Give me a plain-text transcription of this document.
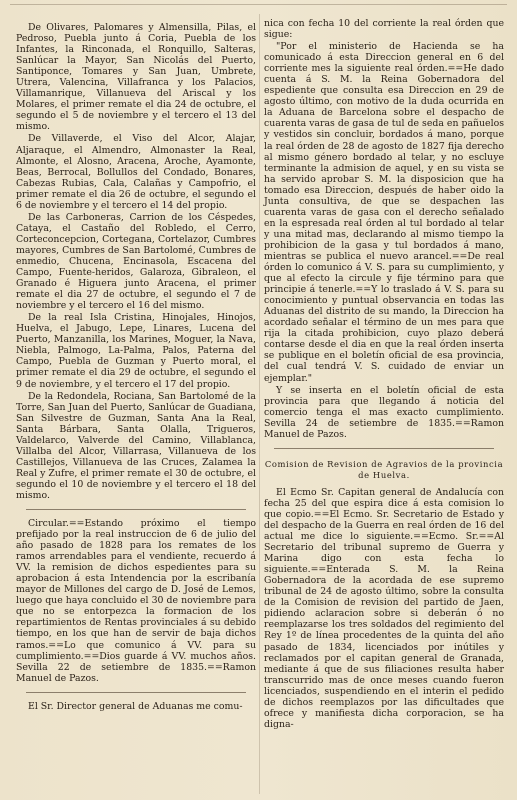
De Olivares, Palomares y Almensilla, Pilas, el Pedroso, Puebla junto á Coria, Puebla de los Infantes, la Rinconada, el Ronquillo, Salteras, Sanlúcar la Mayor, San Nicolás del Puerto, Santiponce, Tomares y San Juan, Umbrete, Utrera, Valencina, Villafranca y los Palacios, Villamanrique, Villanueva del Ariscal y los Molares, el primer remate el dia 24 de octubre, el segundo el 5 de noviembre y el tercero el 13 del mismo.

De Villaverde, el Viso del Alcor, Alajar, Aljaraque, el Almendro, Almonaster la Real, Almonte, el Alosno, Aracena, Aroche, Ayamonte, Beas, Berrocal, Bollullos del Condado, Bonares, Cabezas Rubias, Cala, Calañas y Campofrio, el primer remate el dia 26 de octubre, el segundo el 6 de noviembre y el tercero el 14 del propio.

De las Carboneras, Carrion de los Céspedes, Cataya, el Castaño del Robledo, el Cerro, Corteconcepcion, Cortegana, Cortelazor, Cumbres mayores, Cumbres de San Bartolomé, Cumbres de enmedio, Chucena, Encinasola, Escacena del Campo, Fuente-heridos, Galaroza, Gibraleon, el Granado é Higuera junto Aracena, el primer remate el dia 27 de octubre, el segundo el 7 de noviembre y el tercero el 16 del mismo.

De la real Isla Cristina, Hinojales, Hinojos, Huelva, el Jabugo, Lepe, Linares, Lucena del Puerto, Manzanilla, los Marines, Moguer, la Nava, Niebla, Palmogo, La-Palma, Palos, Paterna del Campo, Puebla de Guzman y Puerto moral, el primer remate el dia 29 de octubre, el segundo el 9 de noviembre, y el tercero el 17 del propio.

De la Redondela, Rociana, San Bartolomé de la Torre, San Juan del Puerto, Sanlúcar de Guadiana, San Silvestre de Guzman, Santa Ana la Real, Santa Bárbara, Santa Olalla, Trigueros, Valdelarco, Valverde del Camino, Villablanca, Villalba del Alcor, Villarrasa, Villanueva de los Castillejos, Villanueva de las Cruces, Zalamea la Real y Zufre, el primer remate el 30 de octubre, el segundo el 10 de noviembre y el tercero el 18 del mismo.

Circular.==Estando próximo el tiempo prefijado por la real instruccion de 6 de julio del año pasado de 1828 para los remates de los ramos arrendables para el vendiente, recuerdo á VV. la remision de dichos espedientes para su aprobacion á esta Intendencia por la escribanía mayor de Millones del cargo de D. José de Lemos, luego que haya concluido el 30 de noviembre para que no se entorpezca la formacion de los repartimientos de Rentas provinciales á su debido tiempo, en los que han de servir de baja dichos ramos.==Lo que comunico á VV. para su cumplimiento.==Dios guarde á VV. muchos años. Sevilla 22 de setiembre de 1835.==Ramon Manuel de Pazos.

El Sr. Director general de Aduanas me comu-

nica con fecha 10 del corriente la real órden que sigue:

"Por el ministerio de Hacienda se ha comunicado á esta Direccion general en 6 del corriente mes la siguiente real órden.==He dado cuenta á S. M. la Reina Gobernadora del espediente que consulta esa Direccion en 29 de agosto último, con motivo de la duda ocurrida en la Aduana de Barcelona sobre el despacho de cuarenta varas de gasa de tul de seda en pañuelos y vestidos sin concluir, bordados á mano, porque la real órden de 28 de agosto de 1827 fija derecho al mismo género bordado al telar, y no escluye terminante la admision de aquel, y en su vista se ha servido aprobar S. M. la disposicion que ha tomado esa Direccion, después de haber oido la Junta consultiva, de que se despachen las cuarenta varas de gasa con el derecho señalado en la espresada real órden al tul bordado al telar y una mitad mas, declarando al mismo tiempo la prohibicion de la gasa y tul bordados á mano, mientras se publica el nuevo arancel.==De real órden lo comunico á V. S. para su cumplimiento, y que al efecto la circule y fije término para que principie á tenerle.==Y lo traslado á V. S. para su conocimiento y puntual observancia en todas las Aduanas del distrito de su mando, la Direccion ha acordado señalar el término de un mes para que rija la citada prohibicion, cuyo plazo deberá contarse desde el dia en que la real órden inserta se publique en el boletín oficial de esa provincia, del cual tendrá V. S. cuidado de enviar un ejemplar."

Y se inserta en el boletín oficial de esta provincia para que llegando á noticia del comercio tenga el mas exacto cumplimiento. Sevilla 24 de setiembre de 1835.==Ramon Manuel de Pazos.

Comision de Revision de Agravios de la provincia de Huelva.

El Ecmo Sr. Capitan general de Andalucía con fecha 25 del que espira dice á esta comision lo que copio.==El Ecmo. Sr. Secretario de Estado y del despacho de la Guerra en real órden de 16 del actual me dice lo siguiente.==Ecmo. Sr.==Al Secretario del tribunal supremo de Guerra y Marina digo con esta fecha lo siguiente.==Enterada S. M. la Reina Gobernadora de la acordada de ese supremo tribunal de 24 de agosto último, sobre la consulta de la Comision de revision del partido de Jaen, pidiendo aclaracion sobre si deberán ó no reemplazarse los tres soldados del regimiento del Rey 1º de línea procedentes de la quinta del año pasado de 1834, licenciados por inútiles y reclamados por el capitan general de Granada, mediante á que de sus filiaciones resulta haber transcurrido mas de once meses cuando fueron licenciados, suspendiendo en el interin el pedido de dichos reemplazos por las dificultades que ofrece y manifiesta dicha corporacion, se ha digna-
